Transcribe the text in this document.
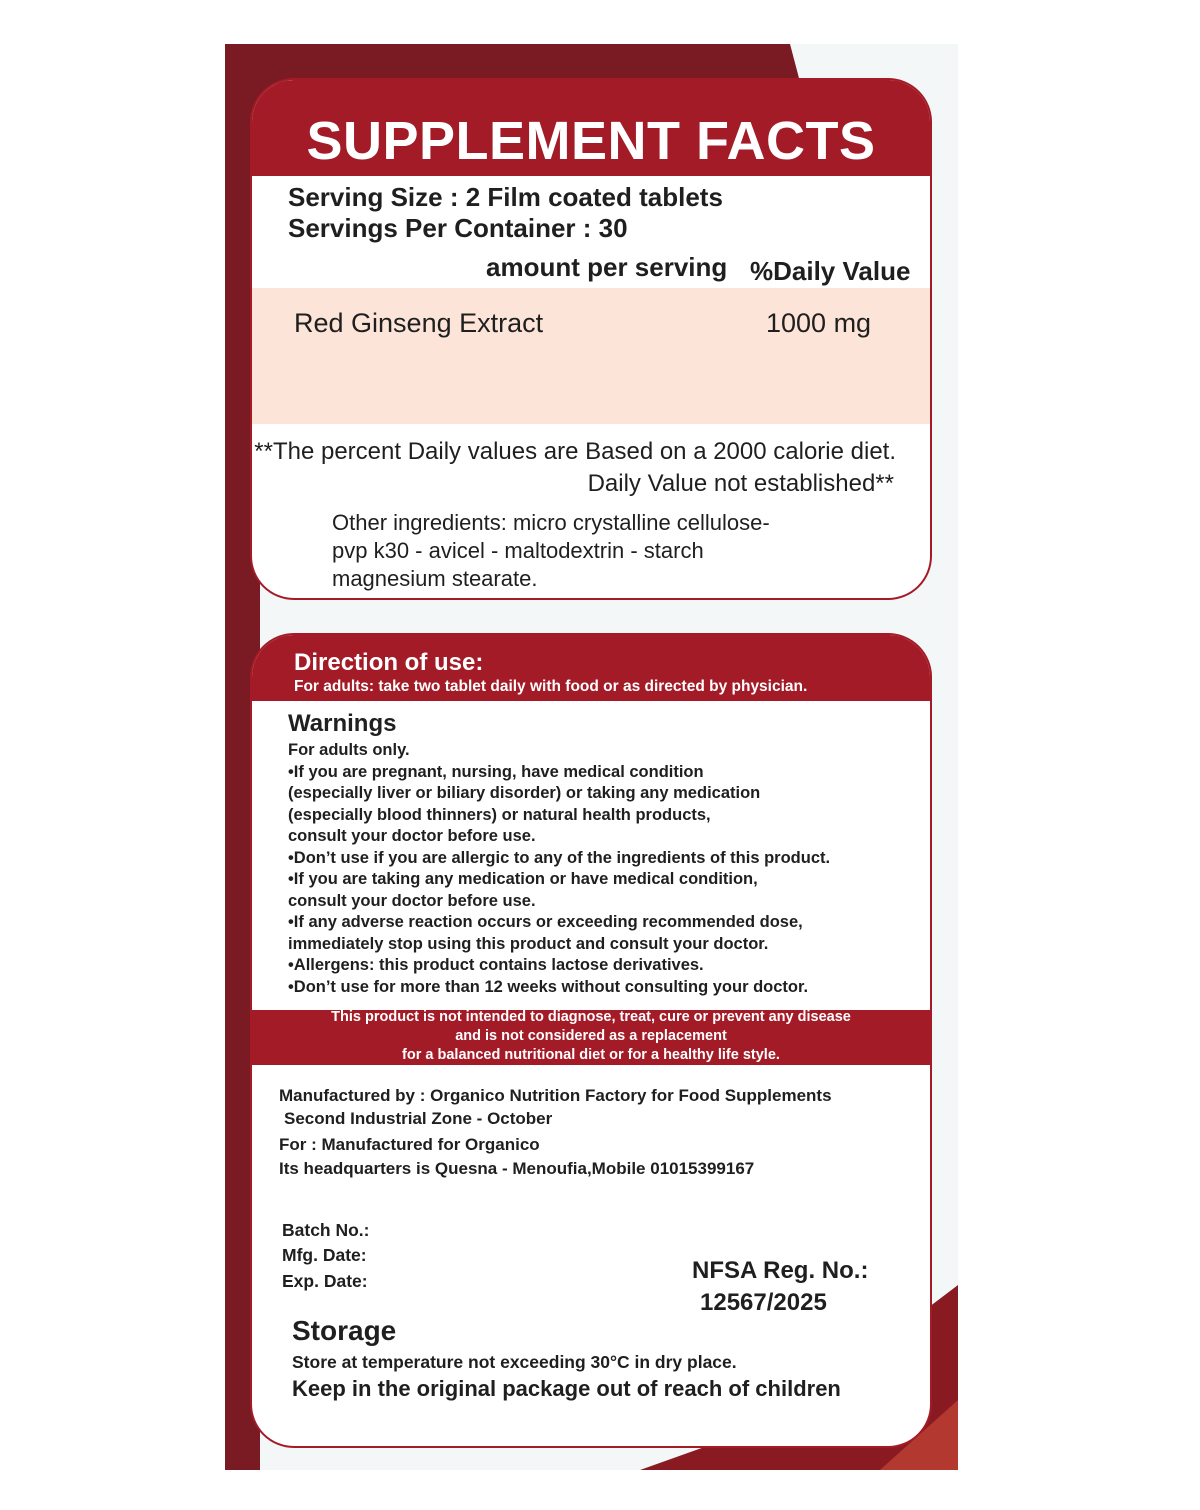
SUPPLEMENT FACTS
Serving Size : 2 Film coated tablets
Servings Per Container : 30
amount per serving %Daily Value
Red Ginseng Extract	1000 mg
**The percent Daily values are Based on a 2000 calorie diet.
Daily Value not established**
Other ingredients: micro crystalline cellulose-
pvp k30 - avicel - maltodextrin - starch
magnesium stearate.
Direction of use:
For adults: take two tablet daily with food or as directed by physician.
Warnings
For adults only.
•If you are pregnant, nursing, have medical condition
(especially liver or biliary disorder) or taking any medication
(especially blood thinners) or natural health products,
consult your doctor before use.
•Don’t use if you are allergic to any of the ingredients of this product.
•If you are taking any medication or have medical condition,
consult your doctor before use.
•If any adverse reaction occurs or exceeding recommended dose,
immediately stop using this product and consult your doctor.
•Allergens: this product contains lactose derivatives.
•Don’t use for more than 12 weeks without consulting your doctor.
This product is not intended to diagnose, treat, cure or prevent any disease
and is not considered as a replacement
for a balanced nutritional diet or for a healthy life style.
Manufactured by : Organico Nutrition Factory for Food Supplements
Second Industrial Zone - October
For : Manufactured for Organico
Its headquarters is Quesna - Menoufia,Mobile 01015399167
Batch No.:
Mfg. Date:
Exp. Date:	NFSA Reg. No.:
12567/2025
Storage
Store at temperature not exceeding 30°C in dry place.
Keep in the original package out of reach of children
